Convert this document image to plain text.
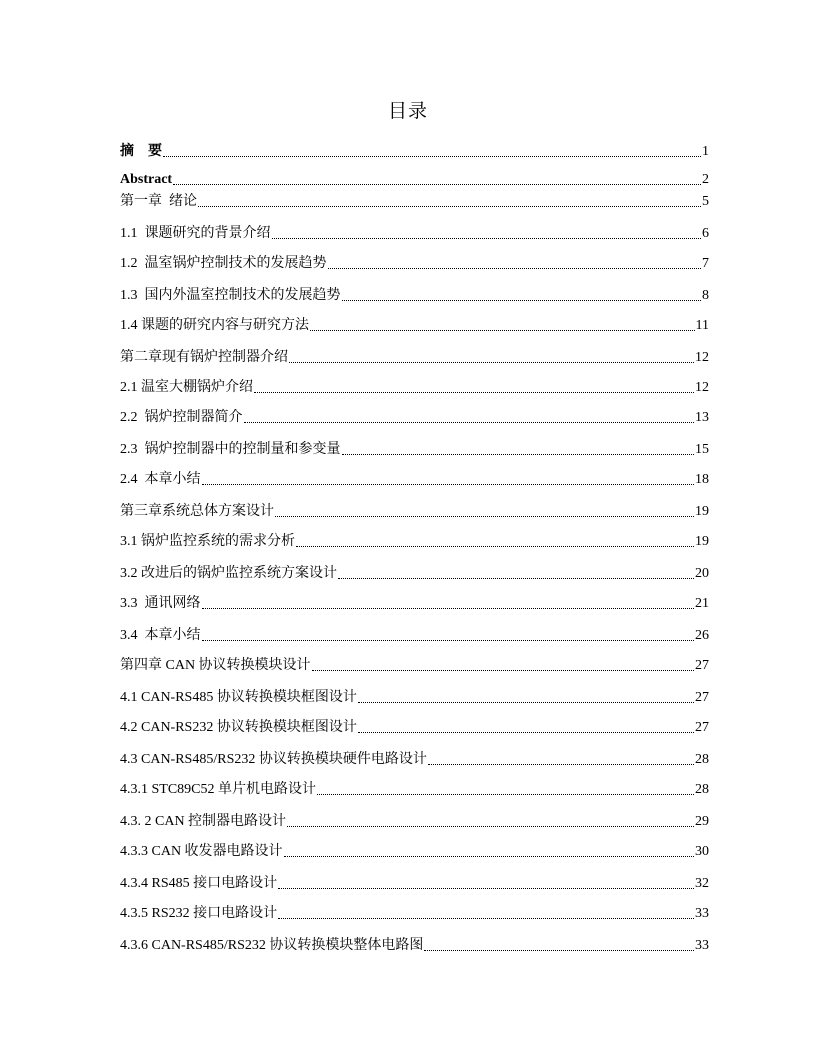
目录
摘    要	1
Abstract	2
第一章  绪论	5
1.1  课题研究的背景介绍	6
1.2  温室锅炉控制技术的发展趋势	7
1.3  国内外温室控制技术的发展趋势	8
1.4 课题的研究内容与研究方法	11
第二章现有锅炉控制器介绍	12
2.1 温室大棚锅炉介绍	12
2.2  锅炉控制器简介	13
2.3  锅炉控制器中的控制量和参变量	15
2.4  本章小结	18
第三章系统总体方案设计	19
3.1 锅炉监控系统的需求分析	19
3.2 改进后的锅炉监控系统方案设计	20
3.3  通讯网络	21
3.4  本章小结	26
第四章 CAN 协议转换模块设计	27
4.1 CAN-RS485 协议转换模块框图设计	27
4.2 CAN-RS232 协议转换模块框图设计	27
4.3 CAN-RS485/RS232 协议转换模块硬件电路设计	28
4.3.1 STC89C52 单片机电路设计	28
4.3. 2 CAN 控制器电路设计	29
4.3.3 CAN 收发器电路设计	30
4.3.4 RS485 接口电路设计	32
4.3.5 RS232 接口电路设计	33
4.3.6 CAN-RS485/RS232 协议转换模块整体电路图	33
